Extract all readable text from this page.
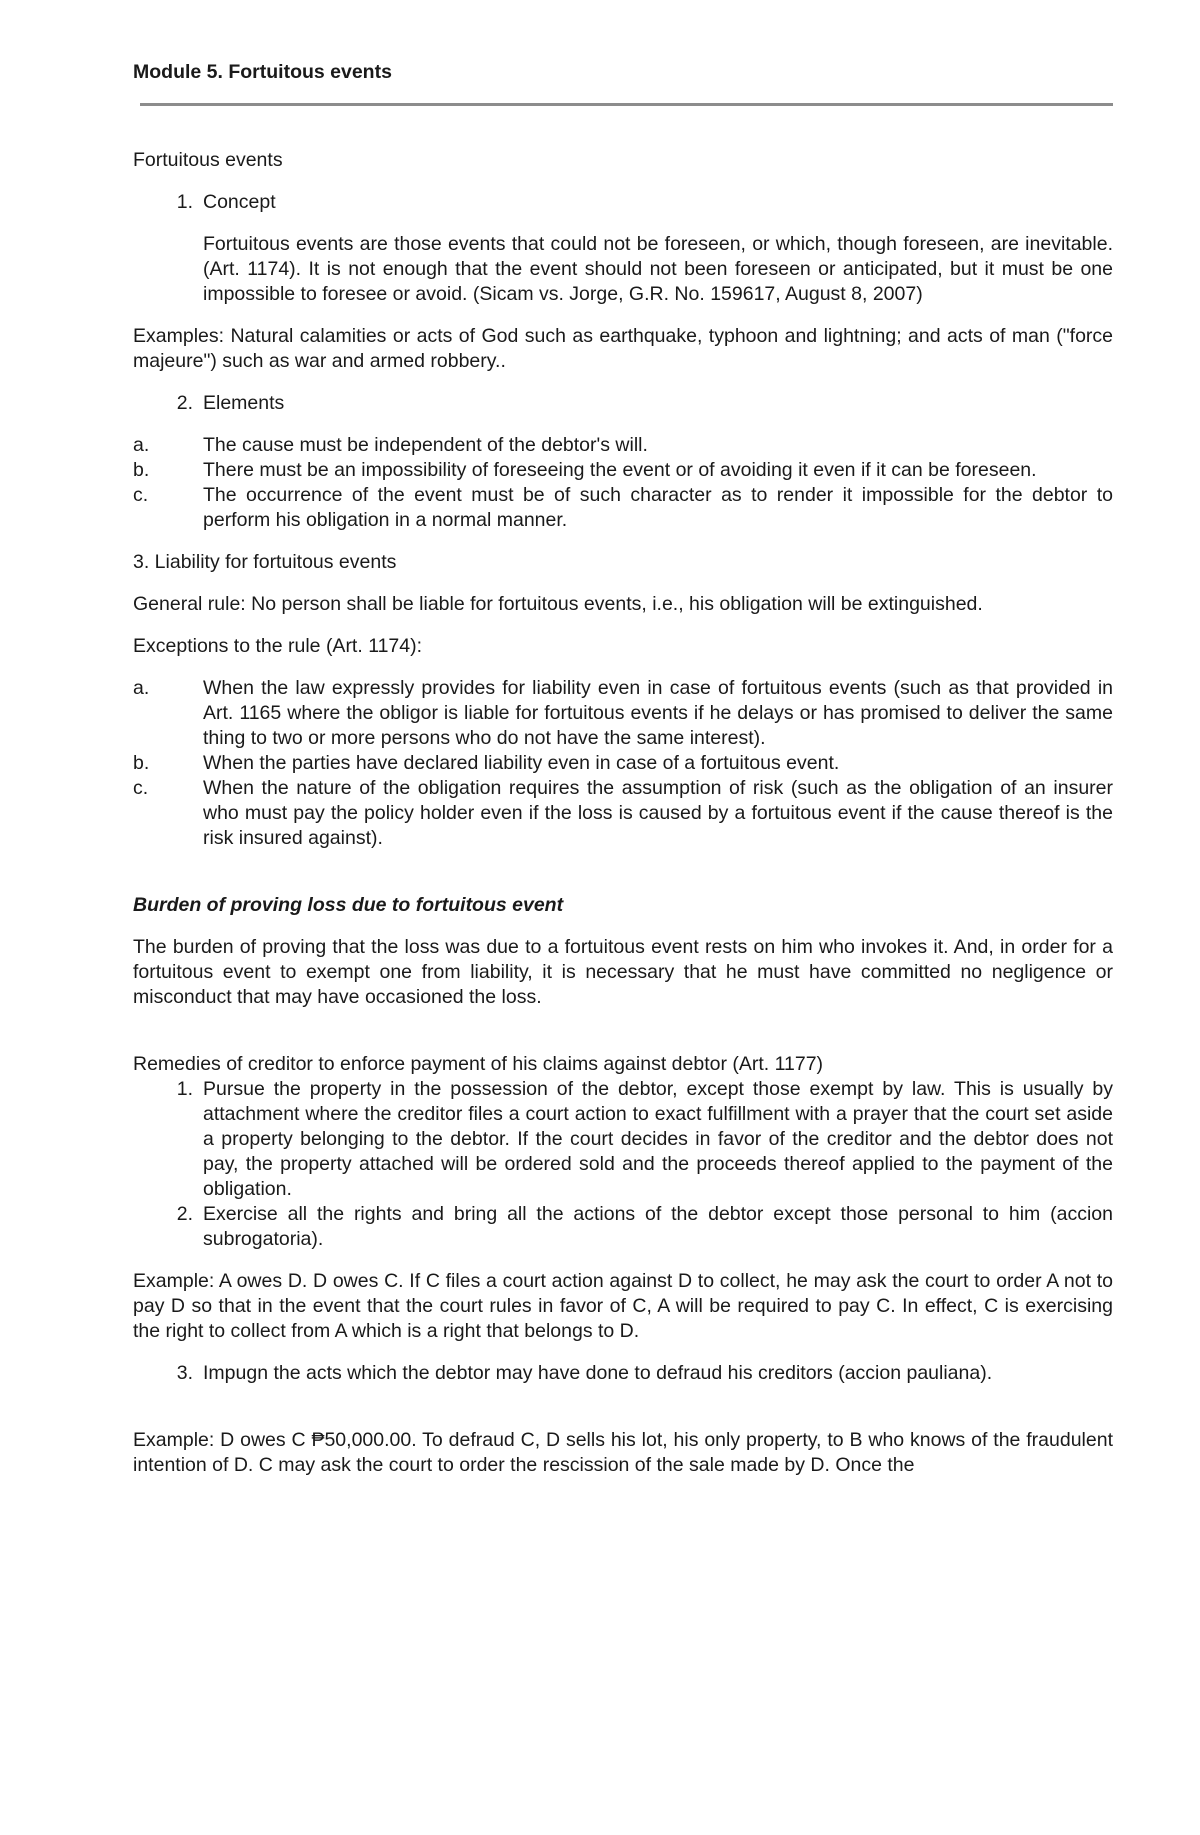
Module 5. Fortuitous events

Fortuitous events

1. Concept

Fortuitous events are those events that could not be foreseen, or which, though foreseen, are inevitable. (Art. 1174). It is not enough that the event should not been foreseen or anticipated, but it must be one impossible to foresee or avoid. (Sicam vs. Jorge, G.R. No. 159617, August 8, 2007)

Examples: Natural calamities or acts of God such as earthquake, typhoon and lightning; and acts of man ("force majeure") such as war and armed robbery..

2. Elements
a.	The cause must be independent of the debtor's will.
b.	There must be an impossibility of foreseeing the event or of avoiding it even if it can be foreseen.
c.	The occurrence of the event must be of such character as to render it impossible for the debtor to perform his obligation in a normal manner.

3. Liability for fortuitous events

General rule: No person shall be liable for fortuitous events, i.e., his obligation will be extinguished.

Exceptions to the rule (Art. 1174):

a.	When the law expressly provides for liability even in case of fortuitous events (such as that provided in Art. 1165 where the obligor is liable for fortuitous events if he delays or has promised to deliver the same thing to two or more persons who do not have the same interest).
b.	When the parties have declared liability even in case of a fortuitous event.
c.	When the nature of the obligation requires the assumption of risk (such as the obligation of an insurer who must pay the policy holder even if the loss is caused by a fortuitous event if the cause thereof is the risk insured against).

Burden of proving loss due to fortuitous event

The burden of proving that the loss was due to a fortuitous event rests on him who invokes it. And, in order for a fortuitous event to exempt one from liability, it is necessary that he must have committed no negligence or misconduct that may have occasioned the loss.

Remedies of creditor to enforce payment of his claims against debtor (Art. 1177)

1. Pursue the property in the possession of the debtor, except those exempt by law. This is usually by attachment where the creditor files a court action to exact fulfillment with a prayer that the court set aside a property belonging to the debtor. If the court decides in favor of the creditor and the debtor does not pay, the property attached will be ordered sold and the proceeds thereof applied to the payment of the obligation.
2. Exercise all the rights and bring all the actions of the debtor except those personal to him (accion subrogatoria).

Example: A owes D. D owes C. If C files a court action against D to collect, he may ask the court to order A not to pay D so that in the event that the court rules in favor of C, A will be required to pay C. In effect, C is exercising the right to collect from A which is a right that belongs to D.

3. Impugn the acts which the debtor may have done to defraud his creditors (accion pauliana).

Example: D owes C ₱50,000.00. To defraud C, D sells his lot, his only property, to B who knows of the fraudulent intention of D. C may ask the court to order the rescission of the sale made by D. Once the
